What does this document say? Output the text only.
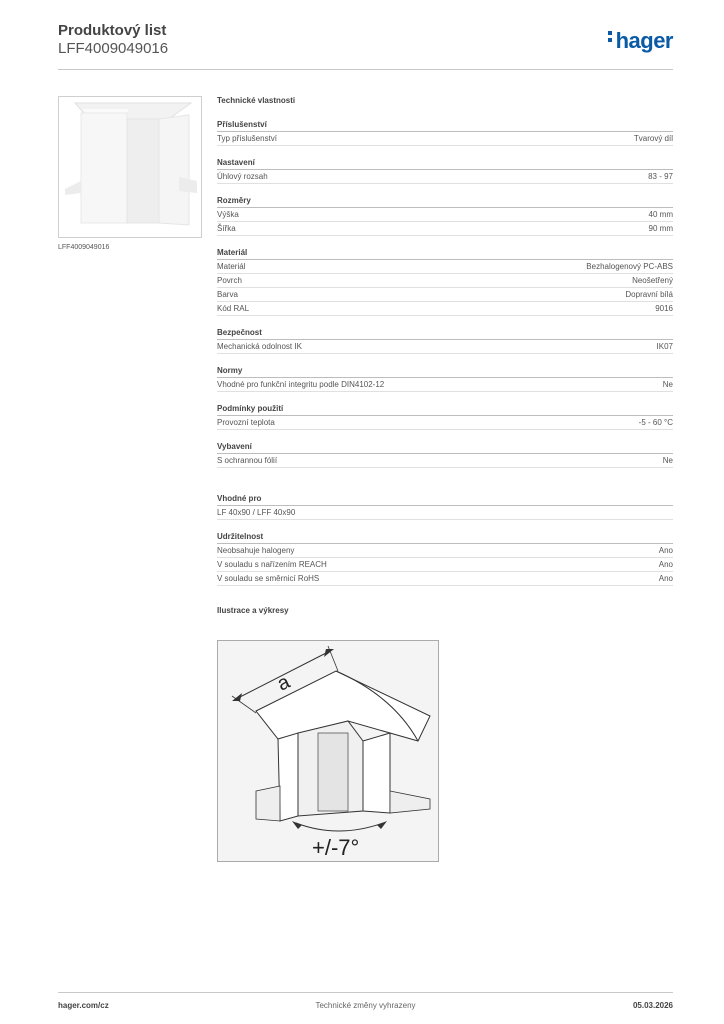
Produktový list
LFF4009049016	hager
LFF4009049016
Technické vlastnosti
Příslušenství
Typ příslušenství	Tvarový díl
Nastavení
Úhlový rozsah	83 - 97
Rozměry
Výška	40 mm
Šířka	90 mm
Materiál
Materiál	Bezhalogenový PC-ABS
Povrch	Neošetřený
Barva	Dopravní bílá
Kód RAL	9016
Bezpečnost
Mechanická odolnost IK	IK07
Normy
Vhodné pro funkční integritu podle DIN4102-12	Ne
Podmínky použití
Provozní teplota	-5 - 60 °C
Vybavení
S ochrannou fólií	Ne
Vhodné pro
LF 40x90 / LFF 40x90
Udržitelnost
Neobsahuje halogeny	Ano
V souladu s nařízením REACH	Ano
V souladu se směrnicí RoHS	Ano
Ilustrace a výkresy
a
+/-7°
hager.com/cz	Technické změny vyhrazeny	05.03.2026
